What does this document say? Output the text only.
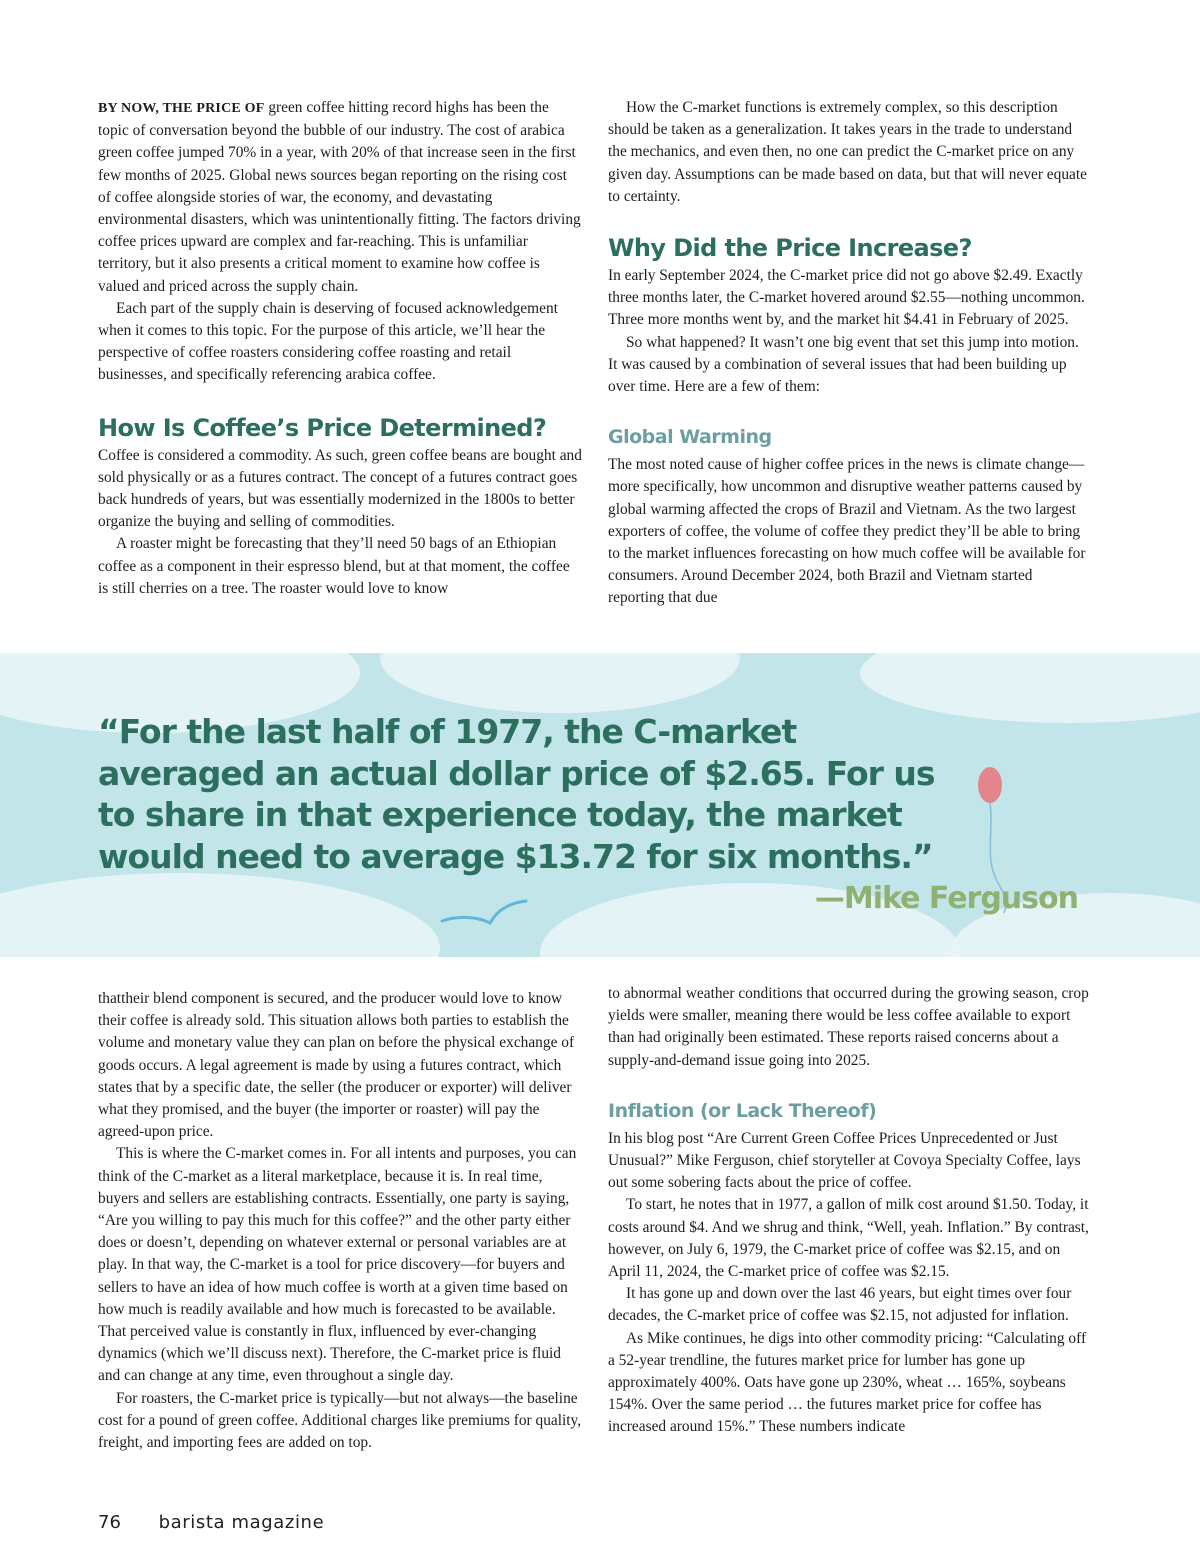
BY NOW, THE PRICE OF green coffee hitting record highs has been the topic of conversation beyond the bubble of our industry. The cost of arabica green coffee jumped 70% in a year, with 20% of that increase seen in the first few months of 2025. Global news sources began reporting on the rising cost of coffee alongside stories of war, the economy, and devastating environmental disasters, which was unintentionally fitting. The factors driving coffee prices upward are complex and far-reaching. This is unfamiliar territory, but it also presents a critical moment to examine how coffee is valued and priced across the supply chain.

Each part of the supply chain is deserving of focused acknowledgement when it comes to this topic. For the purpose of this article, we’ll hear the perspective of coffee roasters considering coffee roasting and retail businesses, and specifically referencing arabica coffee.

How Is Coffee’s Price Determined?

Coffee is considered a commodity. As such, green coffee beans are bought and sold physically or as a futures contract. The concept of a futures contract goes back hundreds of years, but was essentially modernized in the 1800s to better organize the buying and selling of commodities.

A roaster might be forecasting that they’ll need 50 bags of an Ethiopian coffee as a component in their espresso blend, but at that moment, the coffee is still cherries on a tree. The roaster would love to know

How the C-market functions is extremely complex, so this description should be taken as a generalization. It takes years in the trade to understand the mechanics, and even then, no one can predict the C-market price on any given day. Assumptions can be made based on data, but that will never equate to certainty.

Why Did the Price Increase?

In early September 2024, the C-market price did not go above $2.49. Exactly three months later, the C-market hovered around $2.55—nothing uncommon. Three more months went by, and the market hit $4.41 in February of 2025.

So what happened? It wasn’t one big event that set this jump into motion. It was caused by a combination of several issues that had been building up over time. Here are a few of them:

Global Warming

The most noted cause of higher coffee prices in the news is climate change—more specifically, how uncommon and disruptive weather patterns caused by global warming affected the crops of Brazil and Vietnam. As the two largest exporters of coffee, the volume of coffee they predict they’ll be able to bring to the market influences forecasting on how much coffee will be available for consumers. Around December 2024, both Brazil and Vietnam started reporting that due

“For the last half of 1977, the C-market averaged an actual dollar price of $2.65. For us to share in that experience today, the market would need to average $13.72 for six months.”

—Mike Ferguson

thattheir blend component is secured, and the producer would love to know their coffee is already sold. This situation allows both parties to establish the volume and monetary value they can plan on before the physical exchange of goods occurs. A legal agreement is made by using a futures contract, which states that by a specific date, the seller (the producer or exporter) will deliver what they promised, and the buyer (the importer or roaster) will pay the agreed-upon price.

This is where the C-market comes in. For all intents and purposes, you can think of the C-market as a literal marketplace, because it is. In real time, buyers and sellers are establishing contracts. Essentially, one party is saying, “Are you willing to pay this much for this coffee?” and the other party either does or doesn’t, depending on whatever external or personal variables are at play. In that way, the C-market is a tool for price discovery—for buyers and sellers to have an idea of how much coffee is worth at a given time based on how much is readily available and how much is forecasted to be available. That perceived value is constantly in flux, influenced by ever-changing dynamics (which we’ll discuss next). Therefore, the C-market price is fluid and can change at any time, even throughout a single day.

For roasters, the C-market price is typically—but not always—the baseline cost for a pound of green coffee. Additional charges like premiums for quality, freight, and importing fees are added on top.

to abnormal weather conditions that occurred during the growing season, crop yields were smaller, meaning there would be less coffee available to export than had originally been estimated. These reports raised concerns about a supply-and-demand issue going into 2025.

Inflation (or Lack Thereof)

In his blog post “Are Current Green Coffee Prices Unprecedented or Just Unusual?” Mike Ferguson, chief storyteller at Covoya Specialty Coffee, lays out some sobering facts about the price of coffee.

To start, he notes that in 1977, a gallon of milk cost around $1.50. Today, it costs around $4. And we shrug and think, “Well, yeah. Inflation.” By contrast, however, on July 6, 1979, the C-market price of coffee was $2.15, and on April 11, 2024, the C-market price of coffee was $2.15.

It has gone up and down over the last 46 years, but eight times over four decades, the C-market price of coffee was $2.15, not adjusted for inflation.

As Mike continues, he digs into other commodity pricing: “Calculating off a 52-year trendline, the futures market price for lumber has gone up approximately 400%. Oats have gone up 230%, wheat … 165%, soybeans 154%. Over the same period … the futures market price for coffee has increased around 15%.” These numbers indicate

76 barista magazine
